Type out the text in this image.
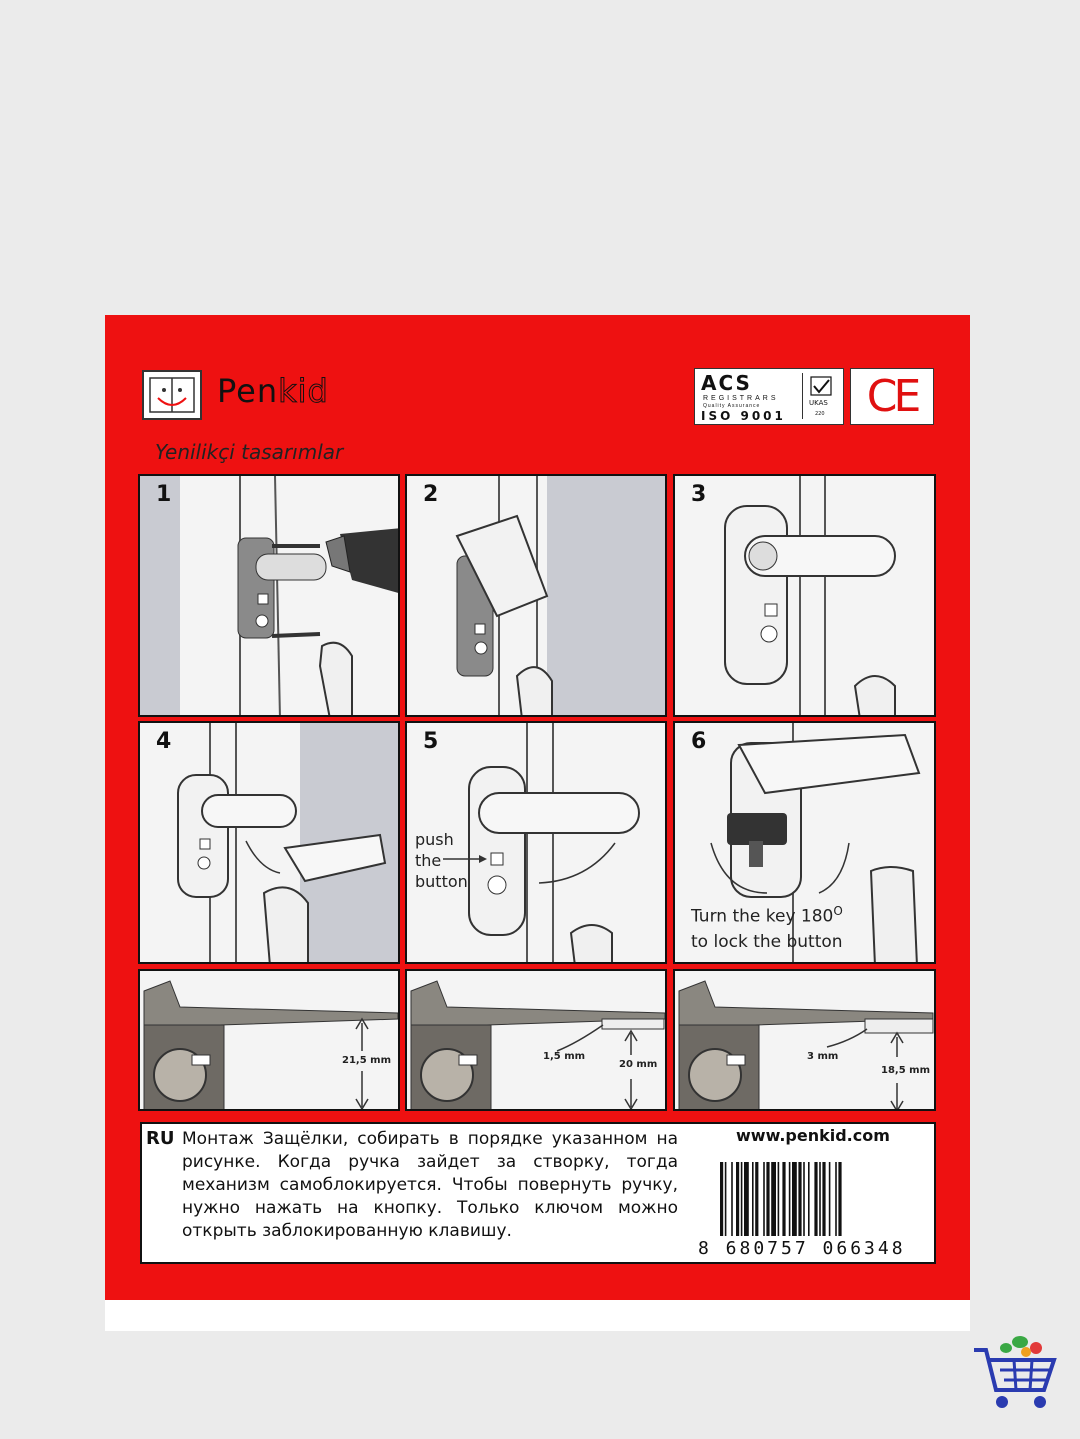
Penkid
Yenilikçi tasarımlar
ACS
REGISTRARS
Quality Assurance
ISO 9001
UKAS
220 CE
1	2	3
4	5
push
the
button
6
Turn the key $180^O$
to lock the button
21,5 mm	1,5 mm
20 mm
3 mm
18,5 mm
RU Монтаж Защёлки, собирать в порядке указанном на рисунке. Когда ручка зайдет за створку, тогда механизм самоблокируется. Чтобы повернуть ручку, нужно нажать на кнопку. Только ключом можно открыть заблокированную клавишу.
www.penkid.com
8 680757 066348
